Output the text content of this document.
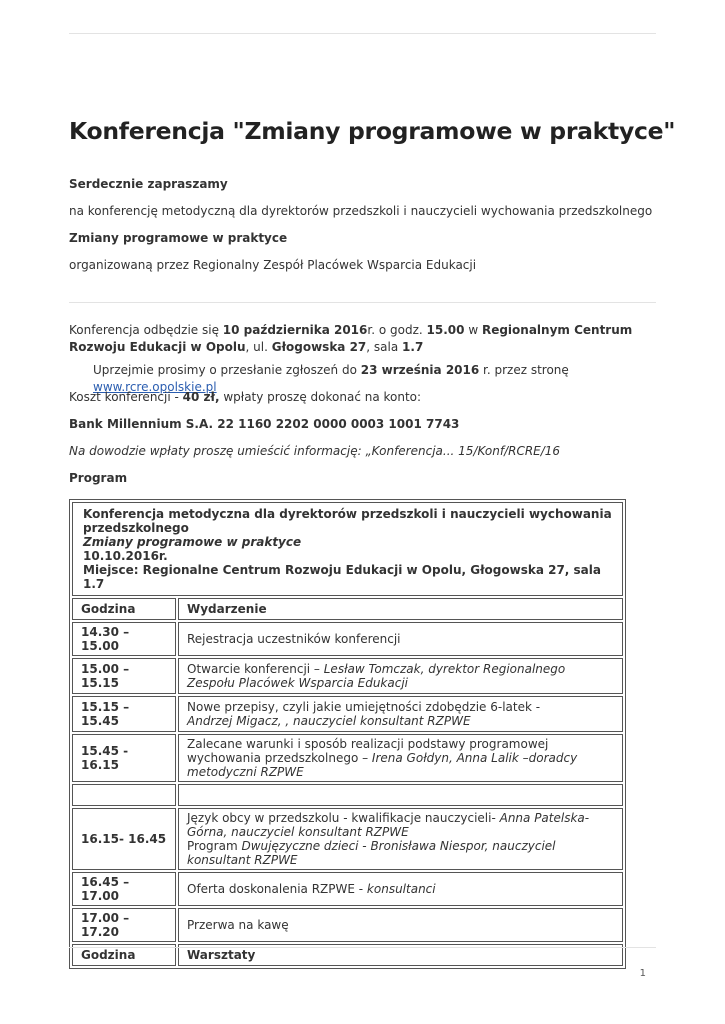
Konferencja "Zmiany programowe w praktyce"

Serdecznie zapraszamy

na konferencję metodyczną dla dyrektorów przedszkoli i nauczycieli wychowania przedszkolnego

Zmiany programowe w praktyce

organizowaną przez Regionalny Zespół Placówek Wsparcia Edukacji

Konferencja odbędzie się 10 października 2016r. o godz. 15.00 w Regionalnym Centrum Rozwoju Edukacji w Opolu, ul. Głogowska 27, sala 1.7

Uprzejmie prosimy o przesłanie zgłoszeń do 23 września 2016 r. przez stronę www.rcre.opolskie.pl

Koszt konferencji - 40 zł, wpłaty proszę dokonać na konto:

Bank Millennium S.A. 22 1160 2202 0000 0003 1001 7743

Na dowodzie wpłaty proszę umieścić informację: „Konferencja... 15/Konf/RCRE/16

Program

Konferencja metodyczna dla dyrektorów przedszkoli i nauczycieli wychowania przedszkolnego
Zmiany programowe w praktyce
10.10.2016r.
Miejsce: Regionalne Centrum Rozwoju Edukacji w Opolu, Głogowska 27, sala 1.7	

Godzina	Wydarzenie
14.30 – 15.00	Rejestracja uczestników konferencji
15.00 – 15.15	Otwarcie konferencji – Lesław Tomczak, dyrektor Regionalnego Zespołu Placówek Wsparcia Edukacji
15.15 – 15.45	Nowe przepisy, czyli jakie umiejętności zdobędzie 6-latek -
Andrzej Migacz, , nauczyciel konsultant RZPWE

15.45 - 16.15	Zalecane warunki i sposób realizacji podstawy programowej wychowania przedszkolnego – Irena Gołdyn, Anna Lalik –doradcy metodyczni RZPWE

16.15- 16.45	Język obcy w przedszkolu - kwalifikacje nauczycieli- Anna Patelska-Górna, nauczyciel konsultant RZPWE
Program Dwujęzyczne dzieci - Bronisława Niespor, nauczyciel konsultant RZPWE

16.45 – 17.00	Oferta doskonalenia RZPWE - konsultanci
17.00 – 17.20	Przerwa na kawę
Godzina	Warsztaty
1
